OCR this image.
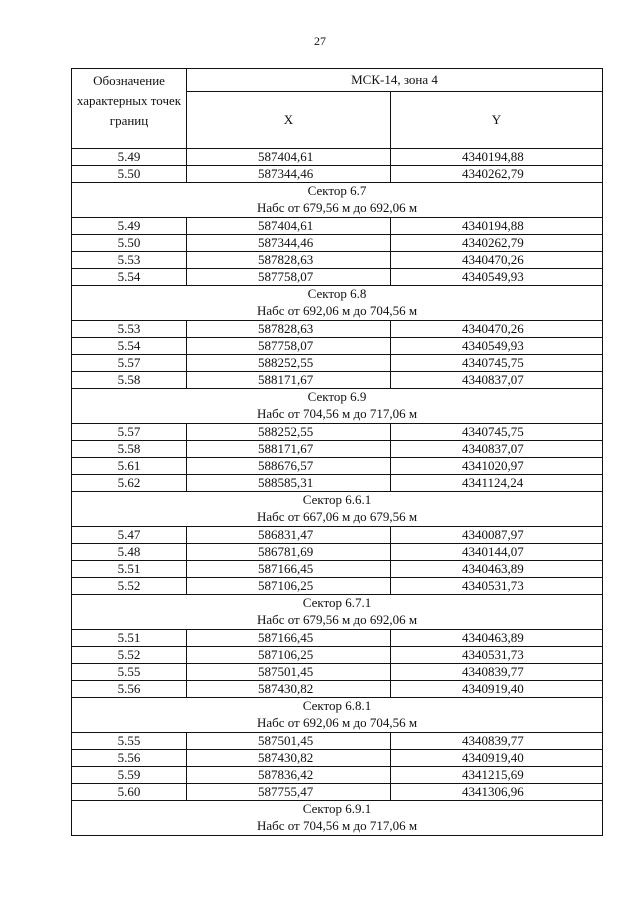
27
Обозначение характерных точек границ	МСК-14, зона 4	
	X	Y
5.49	587404,61	4340194,88
5.50	587344,46	4340262,79

Сектор 6.7
Набс от 679,56 м до 692,06 м		

5.49	587404,61	4340194,88
5.50	587344,46	4340262,79
5.53	587828,63	4340470,26
5.54	587758,07	4340549,93

Сектор 6.8
Набс от 692,06 м до 704,56 м		

5.53	587828,63	4340470,26
5.54	587758,07	4340549,93
5.57	588252,55	4340745,75
5.58	588171,67	4340837,07

Сектор 6.9
Набс от 704,56 м до 717,06 м		

5.57	588252,55	4340745,75
5.58	588171,67	4340837,07
5.61	588676,57	4341020,97
5.62	588585,31	4341124,24

Сектор 6.6.1
Набс от 667,06 м до 679,56 м		

5.47	586831,47	4340087,97
5.48	586781,69	4340144,07
5.51	587166,45	4340463,89
5.52	587106,25	4340531,73

Сектор 6.7.1
Набс от 679,56 м до 692,06 м		

5.51	587166,45	4340463,89
5.52	587106,25	4340531,73
5.55	587501,45	4340839,77
5.56	587430,82	4340919,40

Сектор 6.8.1
Набс от 692,06 м до 704,56 м		

5.55	587501,45	4340839,77
5.56	587430,82	4340919,40
5.59	587836,42	4341215,69
5.60	587755,47	4341306,96

Сектор 6.9.1
Набс от 704,56 м до 717,06 м		
